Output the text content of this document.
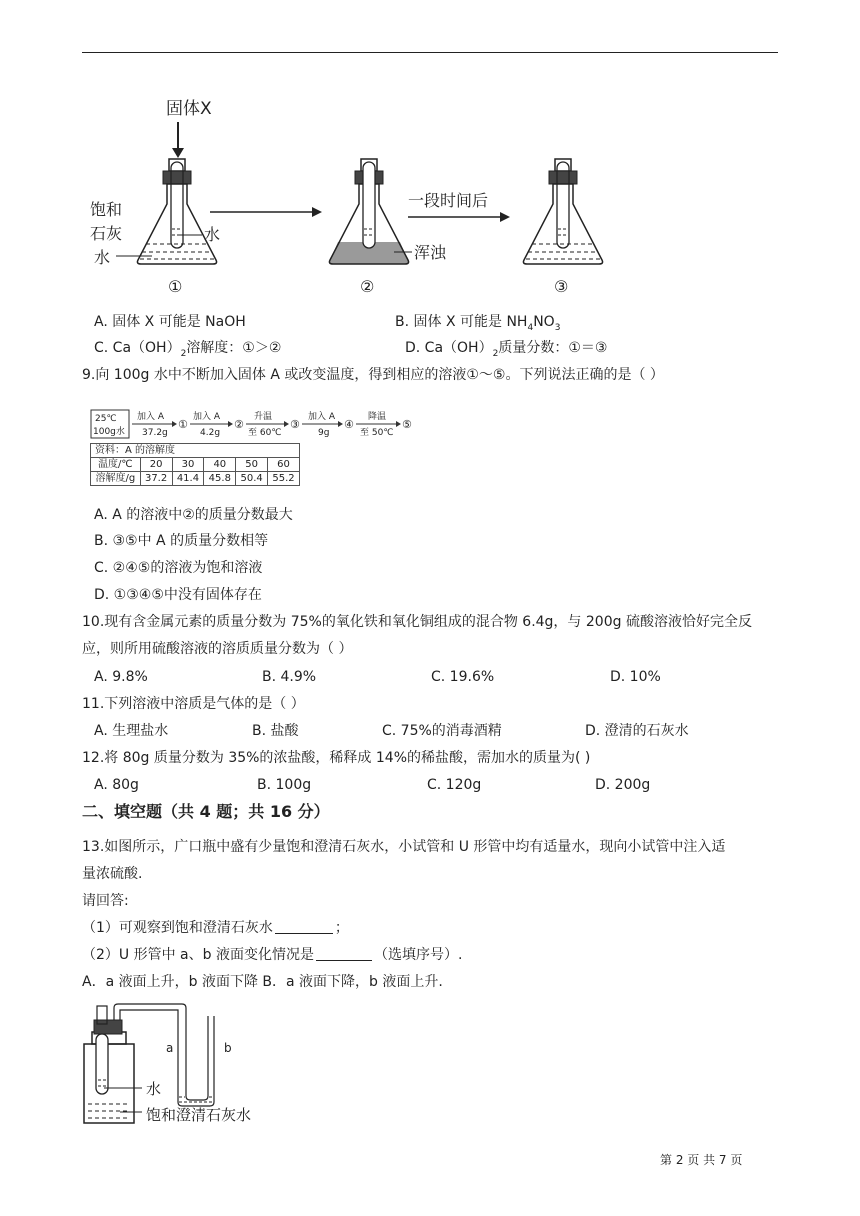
固体X
饱和
石灰
水
水
①
浑浊
②
一段时间后
③
A. 固体 X 可能是 NaOH	B. 固体 X 可能是 $NH_4NO_3$
C. $Ca(OH)_2$溶解度：①＞②	D. $Ca(OH)_2$质量分数：①＝③
9.向 100g 水中不断加入固体 A 或改变温度，得到相应的溶液①～⑤。下列说法正确的是（ ）
25℃
100g水
加入 A
37.2g
①
加入 A
4.2g
②
升温
至 60℃
③
加入 A
9g
④
降温
至 50℃
⑤
资料：A 的溶解度					
温度/℃	20	30	40	50	60
溶解度/g	37.2	41.4	45.8	50.4	55.2
A. A 的溶液中②的质量分数最大
B. ③⑤中 A 的质量分数相等
C. ②④⑤的溶液为饱和溶液
D. ①③④⑤中没有固体存在
10.现有含金属元素的质量分数为 75%的氧化铁和氧化铜组成的混合物 6.4g，与 200g 硫酸溶液恰好完全反
应，则所用硫酸溶液的溶质质量分数为（ ）
A. 9.8%	B. 4.9%	C. 19.6%	D. 10%
11.下列溶液中溶质是气体的是（ ）
A. 生理盐水	B. 盐酸	C. 75%的消毒酒精	D. 澄清的石灰水
12.将 80g 质量分数为 35%的浓盐酸，稀释成 14%的稀盐酸，需加水的质量为( )
A. 80g	B. 100g	C. 120g	D. 200g
二、填空题（共 4 题；共 16 分）
13.如图所示，广口瓶中盛有少量饱和澄清石灰水，小试管和 U 形管中均有适量水，现向小试管中注入适
量浓硫酸.
请回答:
（1）可观察到饱和澄清石灰水	；
（2）U 形管中 a、b 液面变化情况是	（选填序号）.
A．a 液面上升，b 液面下降 B．a 液面下降，b 液面上升.
a	b
水
饱和澄清石灰水
第 2 页 共 7 页
